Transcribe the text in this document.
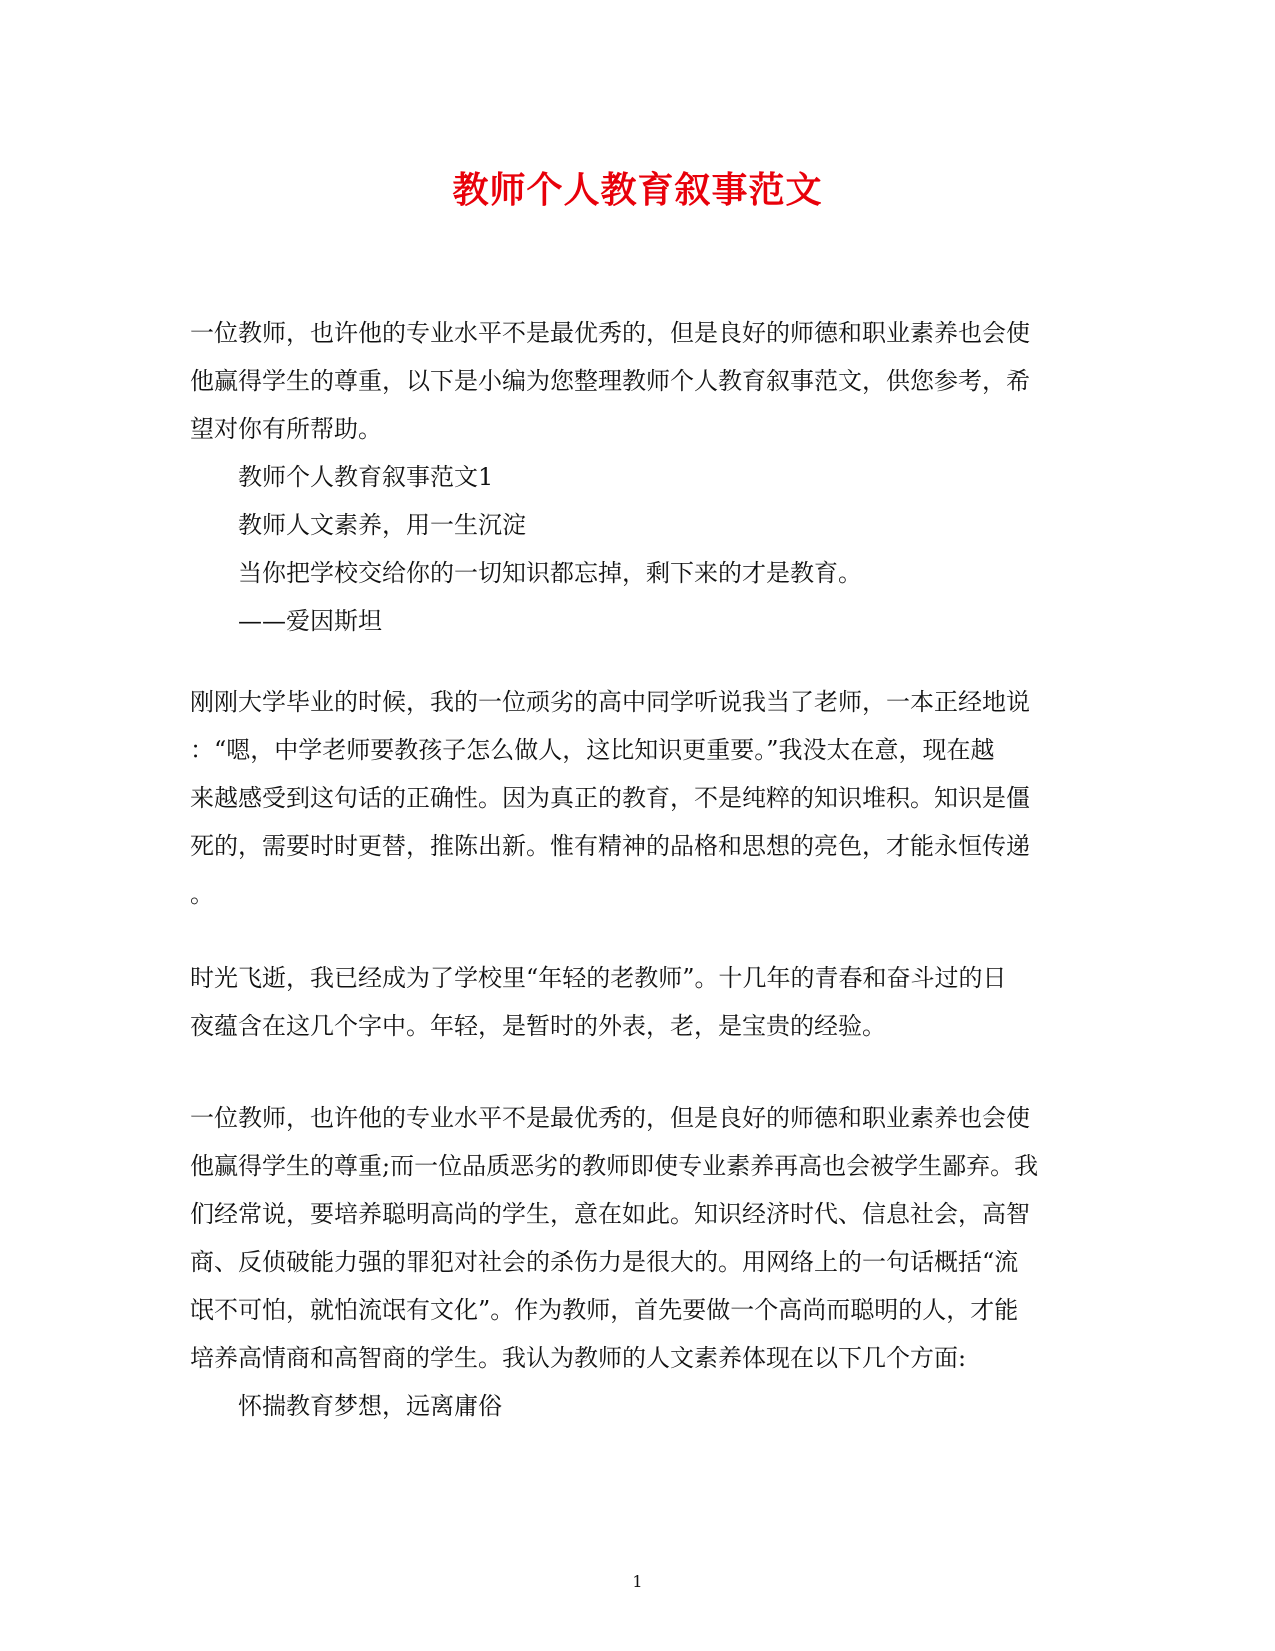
教师个人教育叙事范文
一位教师，也许他的专业水平不是最优秀的，但是良好的师德和职业素养也会使
他赢得学生的尊重，以下是小编为您整理教师个人教育叙事范文，供您参考，希
望对你有所帮助。
教师个人教育叙事范文1
教师人文素养，用一生沉淀
当你把学校交给你的一切知识都忘掉，剩下来的才是教育。
——爱因斯坦
刚刚大学毕业的时候，我的一位顽劣的高中同学听说我当了老师，一本正经地说
：“嗯，中学老师要教孩子怎么做人，这比知识更重要。”我没太在意，现在越
来越感受到这句话的正确性。因为真正的教育，不是纯粹的知识堆积。知识是僵
死的，需要时时更替，推陈出新。惟有精神的品格和思想的亮色，才能永恒传递
。
时光飞逝，我已经成为了学校里“年轻的老教师”。十几年的青春和奋斗过的日
夜蕴含在这几个字中。年轻，是暂时的外表，老，是宝贵的经验。
一位教师，也许他的专业水平不是最优秀的，但是良好的师德和职业素养也会使
他赢得学生的尊重;而一位品质恶劣的教师即使专业素养再高也会被学生鄙弃。我
们经常说，要培养聪明高尚的学生，意在如此。知识经济时代、信息社会，高智
商、反侦破能力强的罪犯对社会的杀伤力是很大的。用网络上的一句话概括“流
氓不可怕，就怕流氓有文化”。作为教师，首先要做一个高尚而聪明的人，才能
培养高情商和高智商的学生。我认为教师的人文素养体现在以下几个方面:
怀揣教育梦想，远离庸俗
1
